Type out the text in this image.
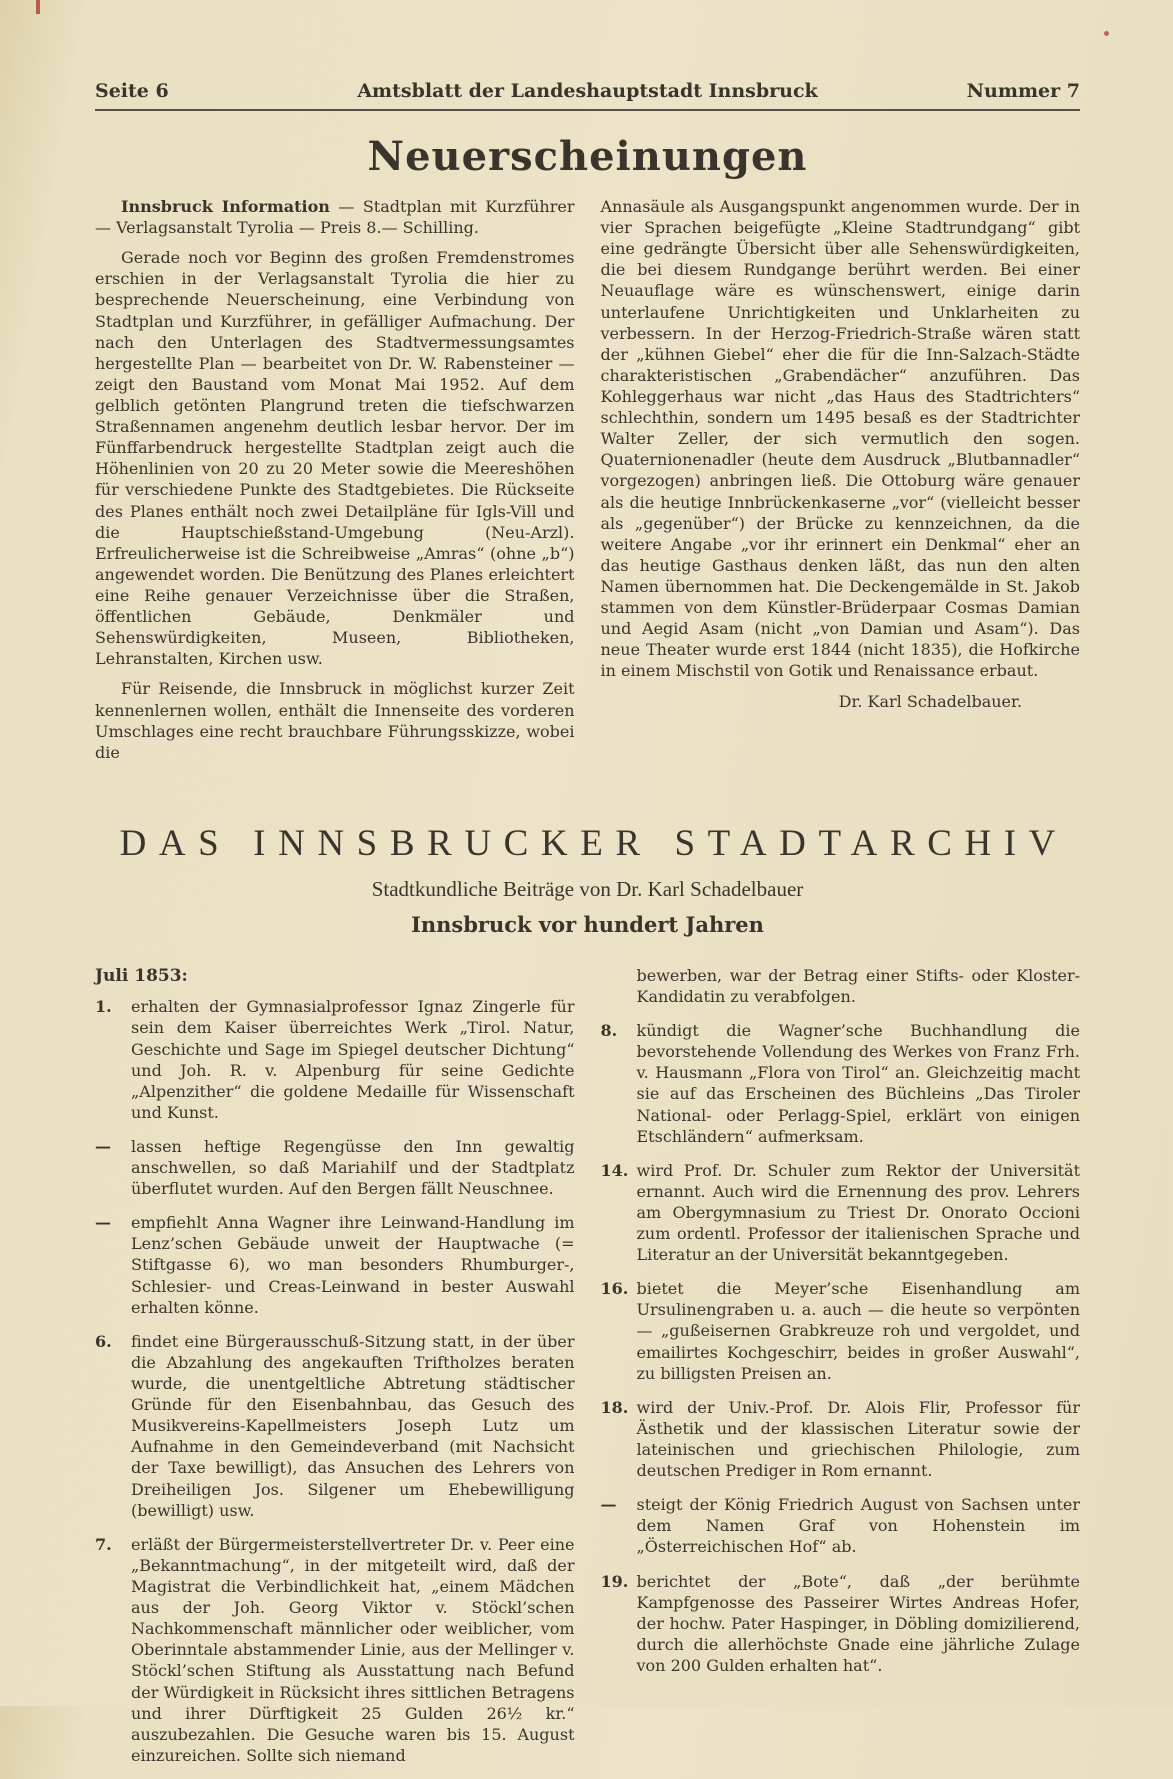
Seite 6	Amtsblatt der Landeshauptstadt Innsbruck	Nummer 7
Neuerscheinungen

Innsbruck Information — Stadtplan mit Kurzführer — Verlagsanstalt Tyrolia — Preis 8.— Schilling.

Gerade noch vor Beginn des großen Fremdenstromes erschien in der Verlagsanstalt Tyrolia die hier zu besprechende Neuerscheinung, eine Verbindung von Stadtplan und Kurzführer, in gefälliger Aufmachung. Der nach den Unterlagen des Stadtvermessungsamtes hergestellte Plan — bearbeitet von Dr. W. Rabensteiner — zeigt den Baustand vom Monat Mai 1952. Auf dem gelblich getönten Plangrund treten die tiefschwarzen Straßennamen angenehm deutlich lesbar hervor. Der im Fünffarbendruck hergestellte Stadtplan zeigt auch die Höhenlinien von 20 zu 20 Meter sowie die Meereshöhen für verschiedene Punkte des Stadtgebietes. Die Rückseite des Planes enthält noch zwei Detailpläne für Igls-Vill und die Hauptschießstand-Umgebung (Neu-Arzl). Erfreulicherweise ist die Schreibweise „Amras“ (ohne „b“) angewendet worden. Die Benützung des Planes erleichtert eine Reihe genauer Verzeichnisse über die Straßen, öffentlichen Gebäude, Denkmäler und Sehenswürdigkeiten, Museen, Bibliotheken, Lehranstalten, Kirchen usw.

Für Reisende, die Innsbruck in möglichst kurzer Zeit kennenlernen wollen, enthält die Innenseite des vorderen Umschlages eine recht brauchbare Führungsskizze, wobei die

Annasäule als Ausgangspunkt angenommen wurde. Der in vier Sprachen beigefügte „Kleine Stadtrundgang“ gibt eine gedrängte Übersicht über alle Sehenswürdigkeiten, die bei diesem Rundgange berührt werden. Bei einer Neuauflage wäre es wünschenswert, einige darin unterlaufene Unrichtigkeiten und Unklarheiten zu verbessern. In der Herzog-Friedrich-Straße wären statt der „kühnen Giebel“ eher die für die Inn-Salzach-Städte charakteristischen „Grabendächer“ anzuführen. Das Kohleggerhaus war nicht „das Haus des Stadtrichters“ schlechthin, sondern um 1495 besaß es der Stadtrichter Walter Zeller, der sich vermutlich den sogen. Quaternionenadler (heute dem Ausdruck „Blutbannadler“ vorgezogen) anbringen ließ. Die Ottoburg wäre genauer als die heutige Innbrückenkaserne „vor“ (vielleicht besser als „gegenüber“) der Brücke zu kennzeichnen, da die weitere Angabe „vor ihr erinnert ein Denkmal“ eher an das heutige Gasthaus denken läßt, das nun den alten Namen übernommen hat. Die Deckengemälde in St. Jakob stammen von dem Künstler-Brüderpaar Cosmas Damian und Aegid Asam (nicht „von Damian und Asam“). Das neue Theater wurde erst 1844 (nicht 1835), die Hofkirche in einem Mischstil von Gotik und Renaissance erbaut.

Dr. Karl Schadelbauer.

DAS INNSBRUCKER STADTARCHIV
Stadtkundliche Beiträge von Dr. Karl Schadelbauer
Innsbruck vor hundert Jahren

Juli 1853:

1.	erhalten der Gymnasialprofessor Ignaz Zingerle für sein dem Kaiser überreichtes Werk „Tirol. Natur, Geschichte und Sage im Spiegel deutscher Dichtung“ und Joh. R. v. Alpenburg für seine Gedichte „Alpenzither“ die goldene Medaille für Wissenschaft und Kunst.
—	lassen heftige Regengüsse den Inn gewaltig anschwellen, so daß Mariahilf und der Stadtplatz überflutet wurden. Auf den Bergen fällt Neuschnee.
—	empfiehlt Anna Wagner ihre Leinwand-Handlung im Lenz’schen Gebäude unweit der Hauptwache (= Stiftgasse 6), wo man besonders Rhumburger-, Schlesier- und Creas-Leinwand in bester Auswahl erhalten könne.
6.	findet eine Bürgerausschuß-Sitzung statt, in der über die Abzahlung des angekauften Triftholzes beraten wurde, die unentgeltliche Abtretung städtischer Gründe für den Eisenbahnbau, das Gesuch des Musikvereins-Kapellmeisters Joseph Lutz um Aufnahme in den Gemeindeverband (mit Nachsicht der Taxe bewilligt), das Ansuchen des Lehrers von Dreiheiligen Jos. Silgener um Ehebewilligung (bewilligt) usw.
7.	erläßt der Bürgermeisterstellvertreter Dr. v. Peer eine „Bekanntmachung“, in der mitgeteilt wird, daß der Magistrat die Verbindlichkeit hat, „einem Mädchen aus der Joh. Georg Viktor v. Stöckl’schen Nachkommenschaft männlicher oder weiblicher, vom Oberinntale abstammender Linie, aus der Mellinger v. Stöckl’schen Stiftung als Ausstattung nach Befund der Würdigkeit in Rücksicht ihres sittlichen Betragens und ihrer Dürftigkeit 25 Gulden 26½ kr.“ auszubezahlen. Die Gesuche waren bis 15. August einzureichen. Sollte sich niemand
bewerben, war der Betrag einer Stifts- oder Kloster-Kandidatin zu verabfolgen.
8.	kündigt die Wagner’sche Buchhandlung die bevorstehende Vollendung des Werkes von Franz Frh. v. Hausmann „Flora von Tirol“ an. Gleichzeitig macht sie auf das Erscheinen des Büchleins „Das Tiroler National- oder Perlagg-Spiel, erklärt von einigen Etschländern“ aufmerksam.
14. wird Prof. Dr. Schuler zum Rektor der Universität ernannt. Auch wird die Ernennung des prov. Lehrers am Obergymnasium zu Triest Dr. Onorato Occioni zum ordentl. Professor der italienischen Sprache und Literatur an der Universität bekanntgegeben.
16. bietet die Meyer’sche Eisenhandlung am Ursulinengraben u. a. auch — die heute so verpönten — „gußeisernen Grabkreuze roh und vergoldet, und emailirtes Kochgeschirr, beides in großer Auswahl“, zu billigsten Preisen an.
18. wird der Univ.-Prof. Dr. Alois Flir, Professor für Ästhetik und der klassischen Literatur sowie der lateinischen und griechischen Philologie, zum deutschen Prediger in Rom ernannt.
—	steigt der König Friedrich August von Sachsen unter dem Namen Graf von Hohenstein im „Österreichischen Hof“ ab.
19. berichtet der „Bote“, daß „der berühmte Kampfgenosse des Passeirer Wirtes Andreas Hofer, der hochw. Pater Haspinger, in Döbling domizilierend, durch die allerhöchste Gnade eine jährliche Zulage von 200 Gulden erhalten hat“.
